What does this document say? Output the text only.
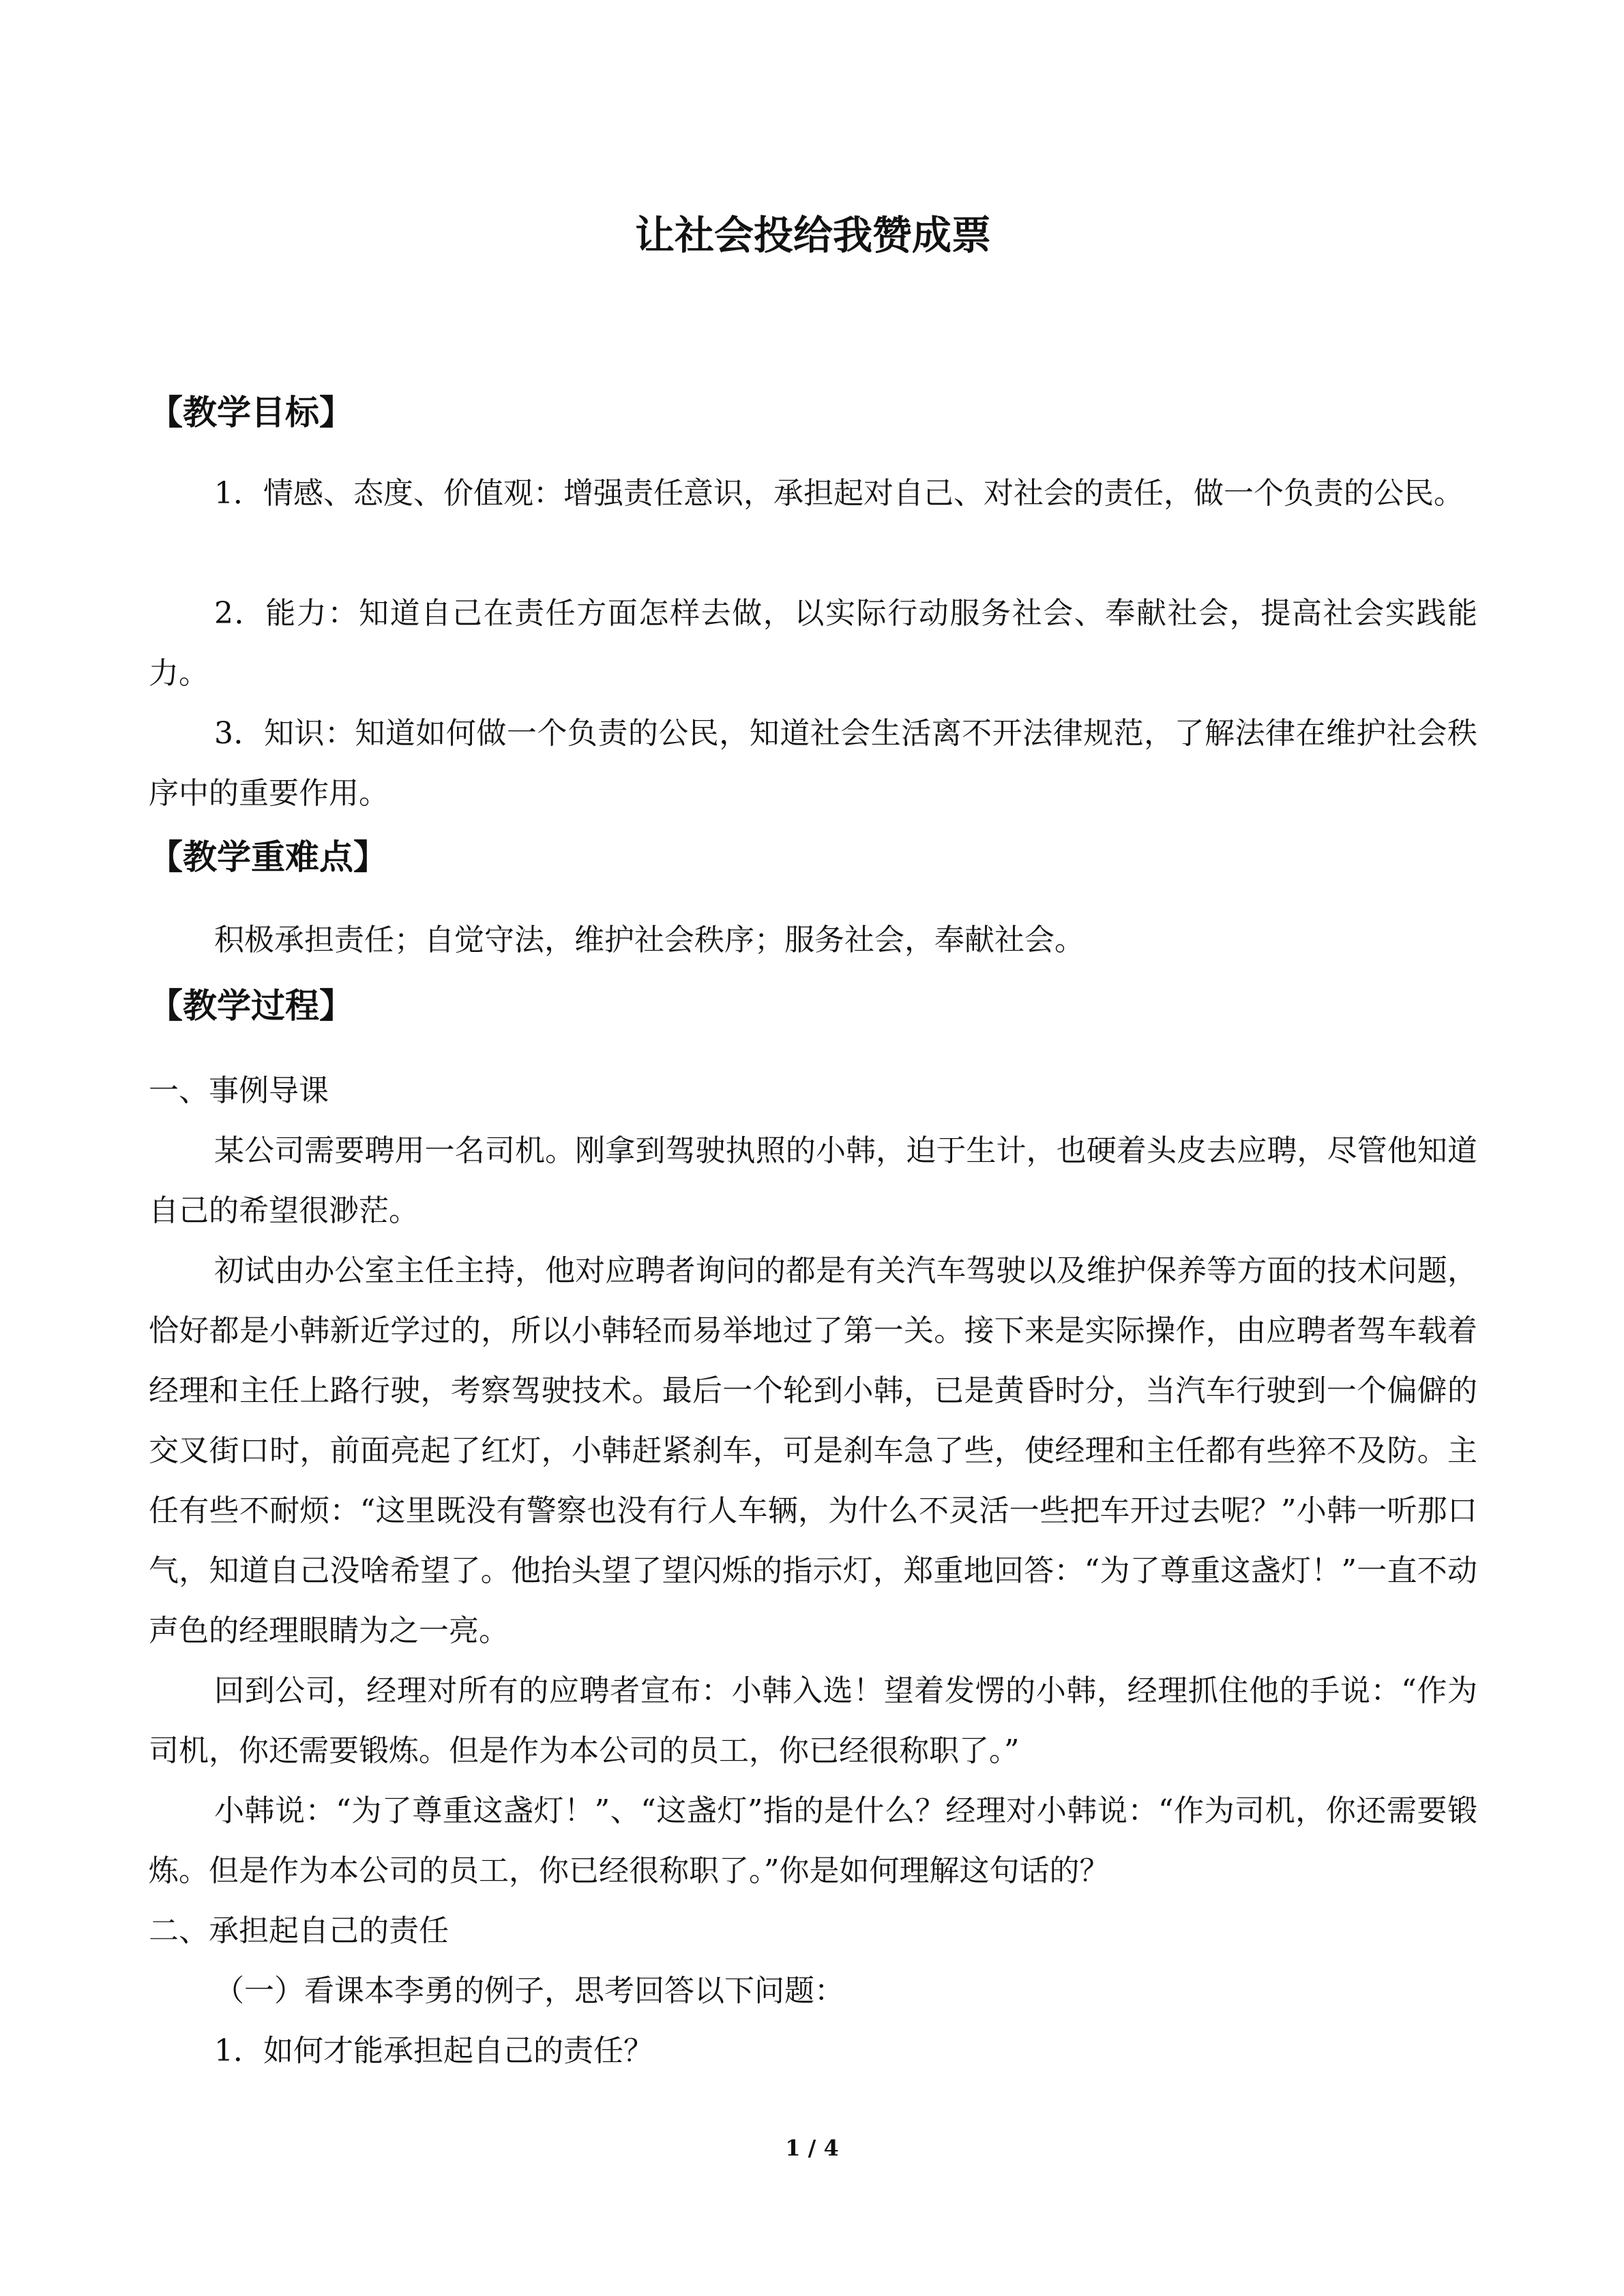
让社会投给我赞成票
【教学目标】

1．情感、态度、价值观：增强责任意识，承担起对自己、对社会的责任，做一个负责的公民。

2．能力：知道自己在责任方面怎样去做，以实际行动服务社会、奉献社会，提高社会实践能力。

3．知识：知道如何做一个负责的公民，知道社会生活离不开法律规范，了解法律在维护社会秩序中的重要作用。

【教学重难点】

积极承担责任；自觉守法，维护社会秩序；服务社会，奉献社会。

【教学过程】

一、事例导课

某公司需要聘用一名司机。刚拿到驾驶执照的小韩，迫于生计，也硬着头皮去应聘，尽管他知道自己的希望很渺茫。

初试由办公室主任主持，他对应聘者询问的都是有关汽车驾驶以及维护保养等方面的技术问题，恰好都是小韩新近学过的，所以小韩轻而易举地过了第一关。接下来是实际操作，由应聘者驾车载着经理和主任上路行驶，考察驾驶技术。最后一个轮到小韩，已是黄昏时分，当汽车行驶到一个偏僻的交叉街口时，前面亮起了红灯，小韩赶紧刹车，可是刹车急了些，使经理和主任都有些猝不及防。主任有些不耐烦：“这里既没有警察也没有行人车辆，为什么不灵活一些把车开过去呢？”小韩一听那口气，知道自己没啥希望了。他抬头望了望闪烁的指示灯，郑重地回答：“为了尊重这盏灯！”一直不动声色的经理眼睛为之一亮。

回到公司，经理对所有的应聘者宣布：小韩入选！望着发愣的小韩，经理抓住他的手说：“作为司机，你还需要锻炼。但是作为本公司的员工，你已经很称职了。”

小韩说：“为了尊重这盏灯！”、“这盏灯”指的是什么？经理对小韩说：“作为司机，你还需要锻炼。但是作为本公司的员工，你已经很称职了。”你是如何理解这句话的？

二、承担起自己的责任

（一）看课本李勇的例子，思考回答以下问题：

1．如何才能承担起自己的责任？

1 / 4
